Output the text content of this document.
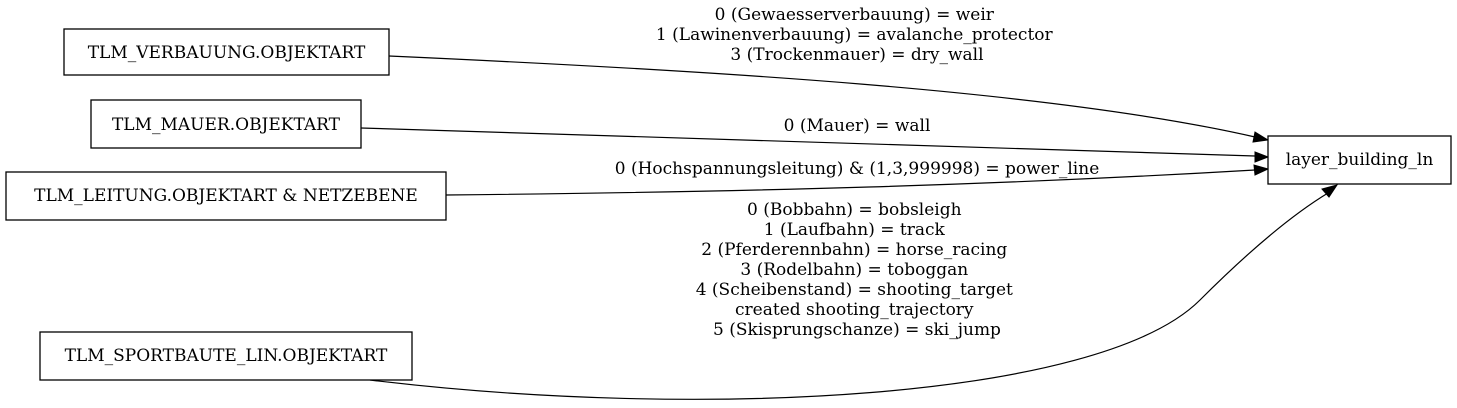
0 (Gewaesserverbauung) = weir 1 (Lawinenverbauung) = avalanche_protector 3 (Trockenmauer) = dry_wall
0 (Mauer) = wall
0 (Hochspannungsleitung) & (1,3,999998) = power_line
0 (Bobbahn) = bobsleigh 1 (Laufbahn) = track 2 (Pferderennbahn) = horse_racing 3 (Rodelbahn) = toboggan 4 (Scheibenstand) = shooting_target created shooting_trajectory 5 (Skisprungschanze) = ski_jump
TLM_VERBAUUNG.OBJEKTART
TLM_MAUER.OBJEKTART
TLM_LEITUNG.OBJEKTART & NETZEBENE
TLM_SPORTBAUTE_LIN.OBJEKTART
layer_building_ln
